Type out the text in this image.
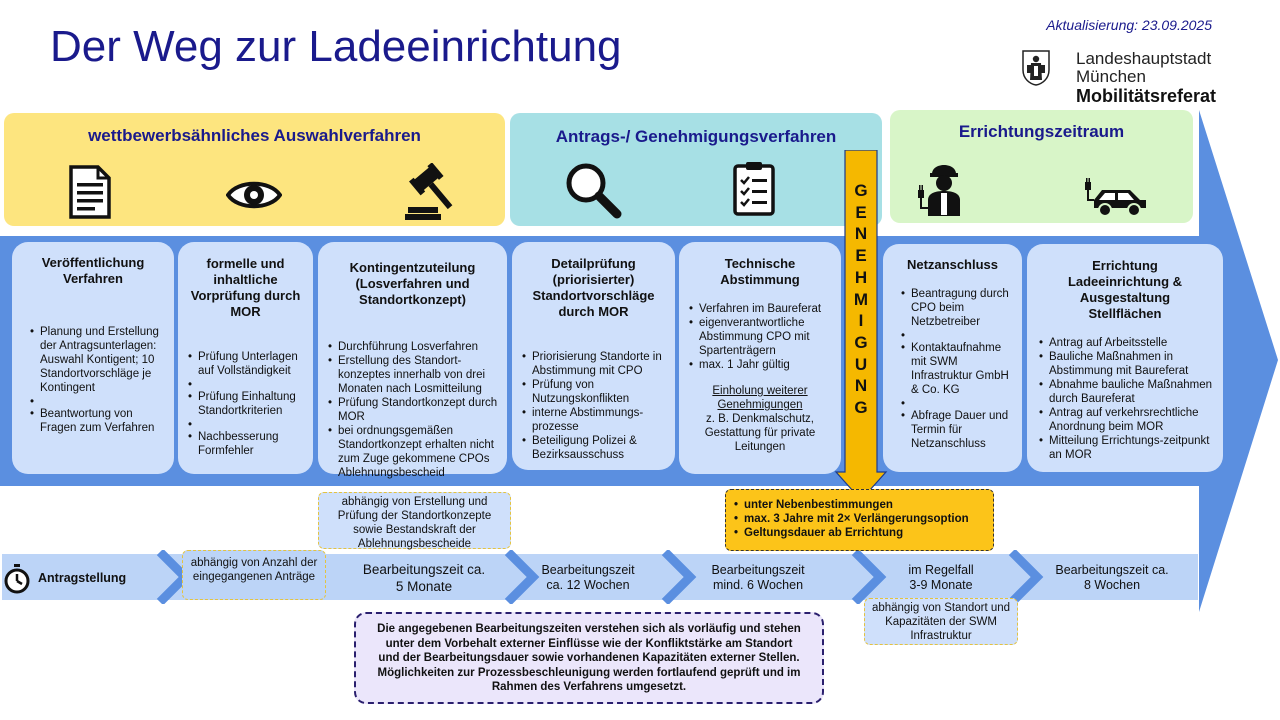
Der Weg zur Ladeeinrichtung	Aktualisierung: 23.09.2025
Landeshauptstadt
München
Mobilitätsreferat
wettbewerbsähnliches Auswahlverfahren	Antrags-/ Genehmigungsverfahren	Errichtungszeitraum
Veröffentlichung Verfahren
• Planung und Erstellung der Antragsunterlagen: Auswahl Kontigent; 10 Standortvorschläge je Kontingent
•
• Beantwortung von Fragen zum Verfahren
formelle und inhaltliche Vorprüfung durch MOR
• Prüfung Unterlagen auf Vollständigkeit
•
• Prüfung Einhaltung Standortkriterien
•
• Nachbesserung Formfehler
Kontingentzuteilung (Losverfahren und Standortkonzept)
• Durchführung Losverfahren
• Erstellung des Standort-konzeptes innerhalb von drei Monaten nach Losmitteilung
• Prüfung Standortkonzept durch MOR
• bei ordnungsgemäßen Standortkonzept erhalten nicht zum Zuge gekommene CPOs Ablehnungsbescheid
Detailprüfung (priorisierter) Standortvorschläge durch MOR
• Priorisierung Standorte in Abstimmung mit CPO
• Prüfung von Nutzungskonflikten
• interne Abstimmungs-prozesse
• Beteiligung Polizei & Bezirksausschuss
Technische Abstimmung
• Verfahren im Baureferat
• eigenverantwortliche Abstimmung CPO mit Spartenträgern
• max. 1 Jahr gültig
Einholung weiterer Genehmigungen
z. B. Denkmalschutz, Gestattung für private Leitungen
Netzanschluss
• Beantragung durch CPO beim Netzbetreiber
•
• Kontaktaufnahme mit SWM Infrastruktur GmbH & Co. KG
•
• Abfrage Dauer und Termin für Netzanschluss
Errichtung Ladeeinrichtung & Ausgestaltung Stellflächen
• Antrag auf Arbeitsstelle
• Bauliche Maßnahmen in Abstimmung mit Baureferat
• Abnahme bauliche Maßnahmen durch Baureferat
• Antrag auf verkehrsrechtliche Anordnung beim MOR
• Mitteilung Errichtungs-zeitpunkt an MOR
G
E
N
E
H
M
I
G
U
N
G
Antragstellung
abhängig von Anzahl der eingegangenen Anträge	Bearbeitungszeit ca. 5 Monate
Bearbeitungszeit ca. 12 Wochen
Bearbeitungszeit mind. 6 Wochen
im Regelfall 3-9 Monate
Bearbeitungszeit ca. 8 Wochen
abhängig von Erstellung und Prüfung der Standortkonzepte sowie Bestandskraft der Ablehnungsbescheide
• unter Nebenbestimmungen
• max. 3 Jahre mit 2× Verlängerungsoption
• Geltungsdauer ab Errichtung
abhängig von Standort und Kapazitäten der SWM Infrastruktur
Die angegebenen Bearbeitungszeiten verstehen sich als vorläufig und stehen unter dem Vorbehalt externer Einflüsse wie der Konfliktstärke am Standort und der Bearbeitungsdauer sowie vorhandenen Kapazitäten externer Stellen. Möglichkeiten zur Prozessbeschleunigung werden fortlaufend geprüft und im Rahmen des Verfahrens umgesetzt.
